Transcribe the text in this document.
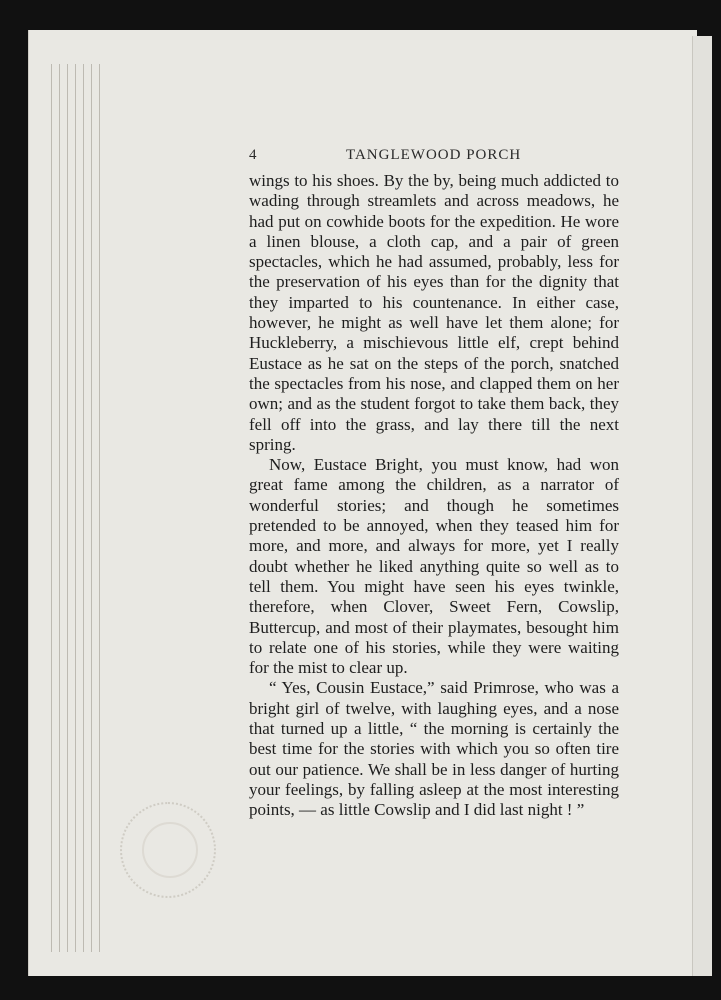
4	TANGLEWOOD PORCH

wings to his shoes. By the by, being much addicted to wading through streamlets and across meadows, he had put on cowhide boots for the expedition. He wore a linen blouse, a cloth cap, and a pair of green spectacles, which he had assumed, probably, less for the preservation of his eyes than for the dignity that they imparted to his countenance. In either case, however, he might as well have let them alone; for Huckleberry, a mischievous little elf, crept behind Eustace as he sat on the steps of the porch, snatched the spectacles from his nose, and clapped them on her own; and as the student forgot to take them back, they fell off into the grass, and lay there till the next spring.

Now, Eustace Bright, you must know, had won great fame among the children, as a narrator of wonderful stories; and though he sometimes pretended to be annoyed, when they teased him for more, and more, and always for more, yet I really doubt whether he liked anything quite so well as to tell them. You might have seen his eyes twinkle, therefore, when Clover, Sweet Fern, Cowslip, Buttercup, and most of their playmates, besought him to relate one of his stories, while they were waiting for the mist to clear up.

“ Yes, Cousin Eustace,” said Primrose, who was a bright girl of twelve, with laughing eyes, and a nose that turned up a little, “ the morning is certainly the best time for the stories with which you so often tire out our patience. We shall be in less danger of hurting your feelings, by falling asleep at the most interesting points, — as little Cowslip and I did last night ! ”
